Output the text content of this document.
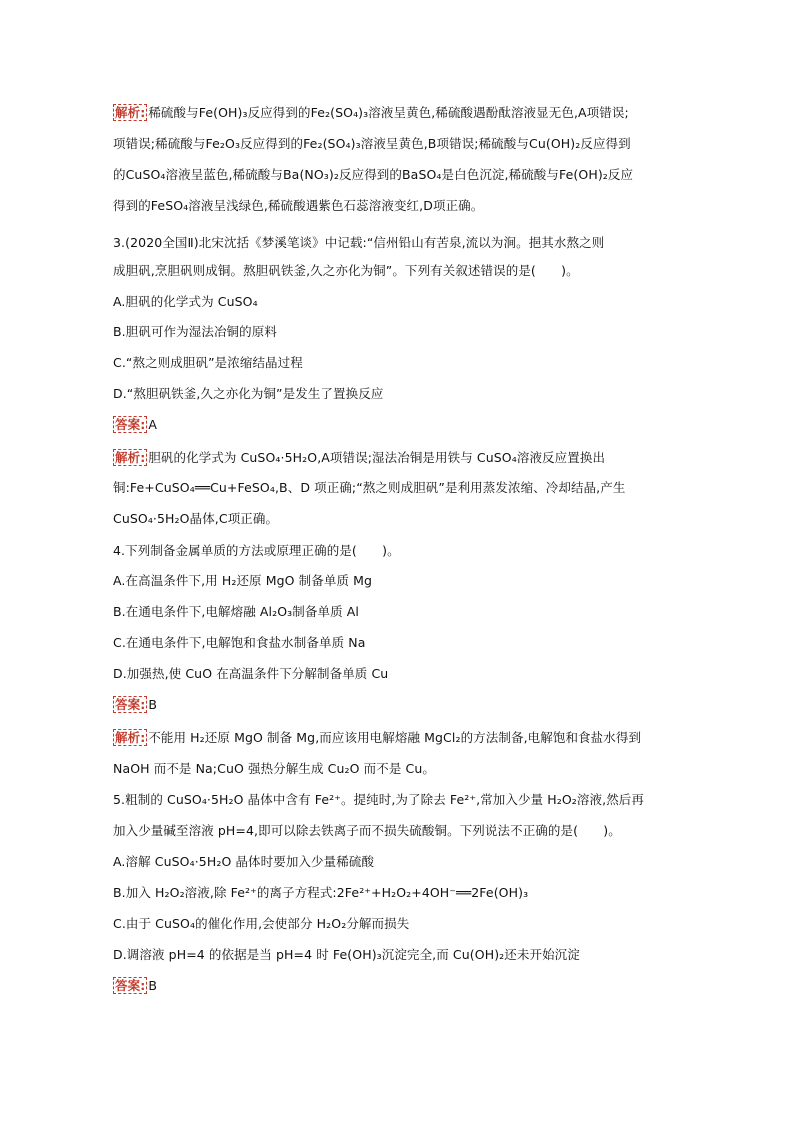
解析: 稀硫酸与Fe(OH)₃反应得到的Fe₂(SO₄)₃溶液呈黄色,稀硫酸遇酚酞溶液显无色,A项错误;
项错误;稀硫酸与Fe₂O₃反应得到的Fe₂(SO₄)₃溶液呈黄色,B项错误;稀硫酸与Cu(OH)₂反应得到
的CuSO₄溶液呈蓝色,稀硫酸与Ba(NO₃)₂反应得到的BaSO₄是白色沉淀,稀硫酸与Fe(OH)₂反应
得到的FeSO₄溶液呈浅绿色,稀硫酸遇紫色石蕊溶液变红,D项正确。
3.(2020全国Ⅱ)北宋沈括《梦溪笔谈》中记载:“信州铅山有苦泉,流以为涧。挹其水熬之则
成胆矾,烹胆矾则成铜。熬胆矾铁釜,久之亦化为铜”。下列有关叙述错误的是(　　)。
A.胆矾的化学式为 CuSO₄
B.胆矾可作为湿法冶铜的原料
C.“熬之则成胆矾”是浓缩结晶过程
D.“熬胆矾铁釜,久之亦化为铜”是发生了置换反应
答案: A
解析: 胆矾的化学式为 CuSO₄·5H₂O,A项错误;湿法冶铜是用铁与 CuSO₄溶液反应置换出
铜:Fe+CuSO₄══Cu+FeSO₄,B、D 项正确;“熬之则成胆矾”是利用蒸发浓缩、冷却结晶,产生
CuSO₄·5H₂O晶体,C项正确。
4.下列制备金属单质的方法或原理正确的是(　　)。
A.在高温条件下,用 H₂还原 MgO 制备单质 Mg
B.在通电条件下,电解熔融 Al₂O₃制备单质 Al
C.在通电条件下,电解饱和食盐水制备单质 Na
D.加强热,使 CuO 在高温条件下分解制备单质 Cu
答案: B
解析: 不能用 H₂还原 MgO 制备 Mg,而应该用电解熔融 MgCl₂的方法制备,电解饱和食盐水得到
NaOH 而不是 Na;CuO 强热分解生成 Cu₂O 而不是 Cu。
5.粗制的 CuSO₄·5H₂O 晶体中含有 Fe²⁺。提纯时,为了除去 Fe²⁺,常加入少量 H₂O₂溶液,然后再
加入少量碱至溶液 pH=4,即可以除去铁离子而不损失硫酸铜。下列说法不正确的是(　　)。
A.溶解 CuSO₄·5H₂O 晶体时要加入少量稀硫酸
B.加入 H₂O₂溶液,除 Fe²⁺的离子方程式:2Fe²⁺+H₂O₂+4OH⁻══2Fe(OH)₃
C.由于 CuSO₄的催化作用,会使部分 H₂O₂分解而损失
D.调溶液 pH=4 的依据是当 pH=4 时 Fe(OH)₃沉淀完全,而 Cu(OH)₂还未开始沉淀
答案: B
